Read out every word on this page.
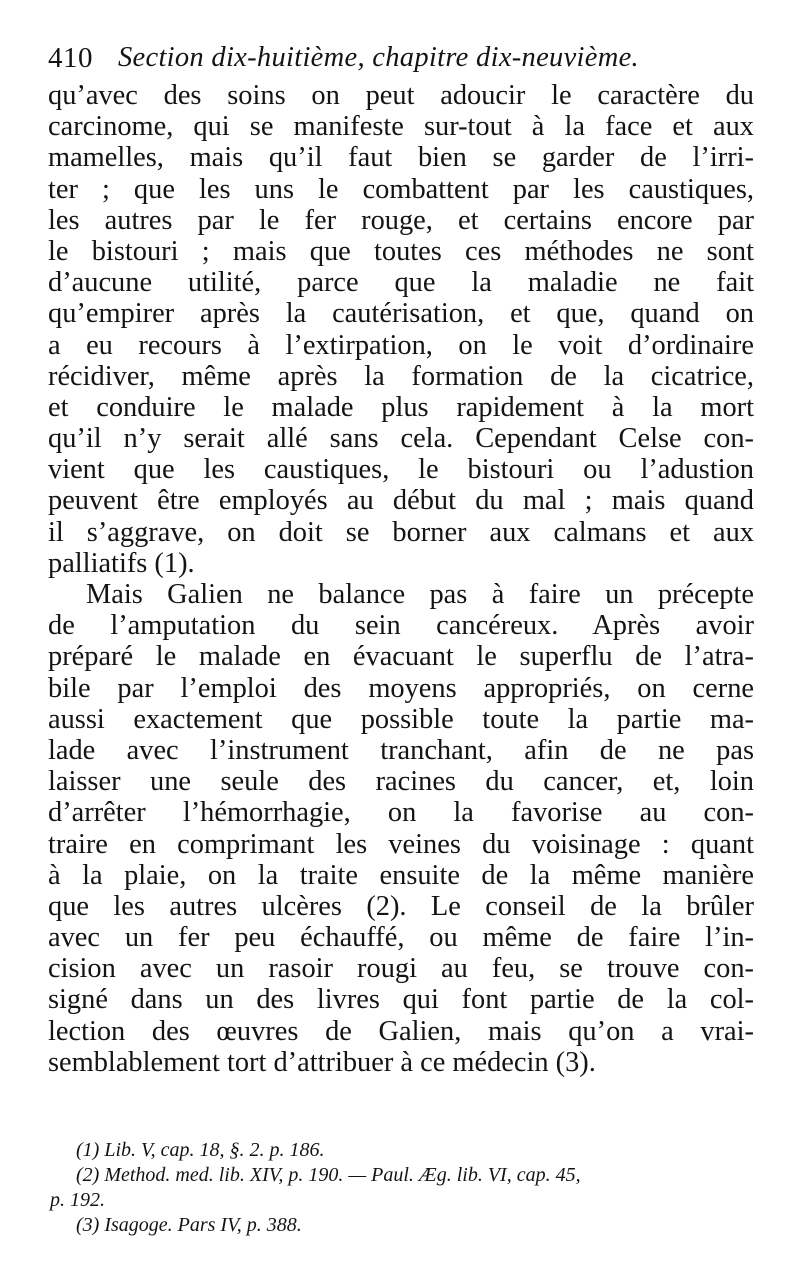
410 Section dix-huitième, chapitre dix-neuvième.
qu’avec des soins on peut adoucir le caractère du
carcinome, qui se manifeste sur-tout à la face et aux
mamelles, mais qu’il faut bien se garder de l’irri-
ter ; que les uns le combattent par les caustiques,
les autres par le fer rouge, et certains encore par
le bistouri ; mais que toutes ces méthodes ne sont
d’aucune utilité, parce que la maladie ne fait
qu’empirer après la cautérisation, et que, quand on
a eu recours à l’extirpation, on le voit d’ordinaire
récidiver, même après la formation de la cicatrice,
et conduire le malade plus rapidement à la mort
qu’il n’y serait allé sans cela. Cependant Celse con-
vient que les caustiques, le bistouri ou l’adustion
peuvent être employés au début du mal ; mais quand
il s’aggrave, on doit se borner aux calmans et aux
palliatifs (1).
Mais Galien ne balance pas à faire un précepte
de l’amputation du sein cancéreux. Après avoir
préparé le malade en évacuant le superflu de l’atra-
bile par l’emploi des moyens appropriés, on cerne
aussi exactement que possible toute la partie ma-
lade avec l’instrument tranchant, afin de ne pas
laisser une seule des racines du cancer, et, loin
d’arrêter l’hémorrhagie, on la favorise au con-
traire en comprimant les veines du voisinage : quant
à la plaie, on la traite ensuite de la même manière
que les autres ulcères (2). Le conseil de la brûler
avec un fer peu échauffé, ou même de faire l’in-
cision avec un rasoir rougi au feu, se trouve con-
signé dans un des livres qui font partie de la col-
lection des œuvres de Galien, mais qu’on a vrai-
semblablement tort d’attribuer à ce médecin (3).
(1) Lib. V, cap. 18, §. 2. p. 186.
(2) Method. med. lib. XIV, p. 190. — Paul. Æg. lib. VI, cap. 45,
p. 192.
(3) Isagoge. Pars IV, p. 388.
